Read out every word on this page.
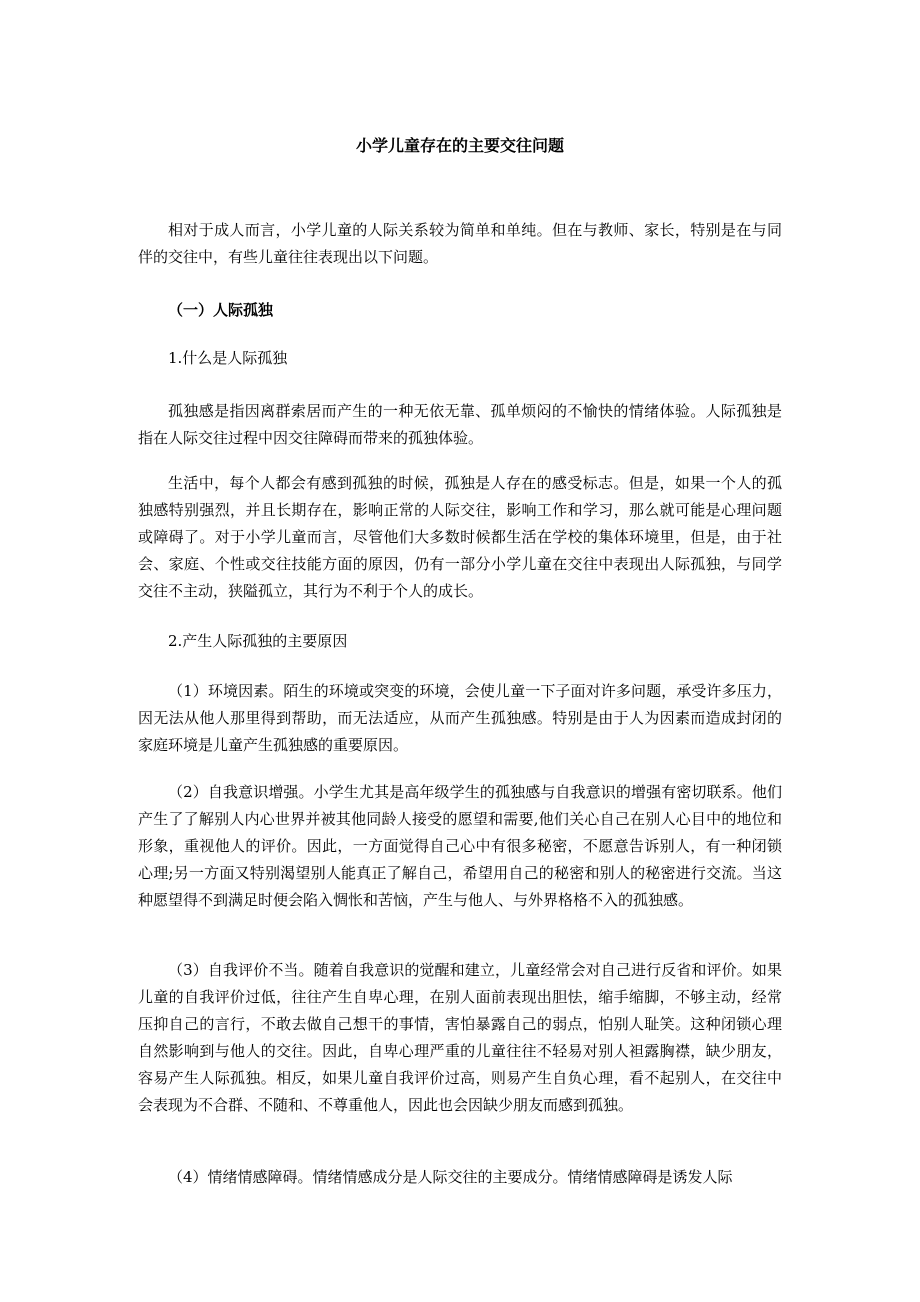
小学儿童存在的主要交往问题

相对于成人而言，小学儿童的人际关系较为简单和单纯。但在与教师、家长，特别是在与同伴的交往中，有些儿童往往表现出以下问题。

（一）人际孤独

1.什么是人际孤独

孤独感是指因离群索居而产生的一种无依无靠、孤单烦闷的不愉快的情绪体验。人际孤独是指在人际交往过程中因交往障碍而带来的孤独体验。

生活中，每个人都会有感到孤独的时候，孤独是人存在的感受标志。但是，如果一个人的孤独感特别强烈，并且长期存在，影响正常的人际交往，影响工作和学习，那么就可能是心理问题或障碍了。对于小学儿童而言，尽管他们大多数时候都生活在学校的集体环境里，但是，由于社会、家庭、个性或交往技能方面的原因，仍有一部分小学儿童在交往中表现出人际孤独，与同学交往不主动，狭隘孤立，其行为不利于个人的成长。

2.产生人际孤独的主要原因

（1）环境因素。陌生的环境或突变的环境，会使儿童一下子面对许多问题，承受许多压力，因无法从他人那里得到帮助，而无法适应，从而产生孤独感。特别是由于人为因素而造成封闭的家庭环境是儿童产生孤独感的重要原因。

（2）自我意识增强。小学生尤其是高年级学生的孤独感与自我意识的增强有密切联系。他们产生了了解别人内心世界并被其他同龄人接受的愿望和需要,他们关心自己在别人心目中的地位和形象，重视他人的评价。因此，一方面觉得自己心中有很多秘密，不愿意告诉别人，有一种闭锁心理;另一方面又特别渴望别人能真正了解自己，希望用自己的秘密和别人的秘密进行交流。当这种愿望得不到满足时便会陷入惆怅和苦恼，产生与他人、与外界格格不入的孤独感。

（3）自我评价不当。随着自我意识的觉醒和建立，儿童经常会对自己进行反省和评价。如果儿童的自我评价过低，往往产生自卑心理，在别人面前表现出胆怯，缩手缩脚，不够主动，经常压抑自己的言行，不敢去做自己想干的事情，害怕暴露自己的弱点，怕别人耻笑。这种闭锁心理自然影响到与他人的交往。因此，自卑心理严重的儿童往往不轻易对别人袒露胸襟，缺少朋友，容易产生人际孤独。相反，如果儿童自我评价过高，则易产生自负心理，看不起别人，在交往中会表现为不合群、不随和、不尊重他人，因此也会因缺少朋友而感到孤独。

（4）情绪情感障碍。情绪情感成分是人际交往的主要成分。情绪情感障碍是诱发人际
